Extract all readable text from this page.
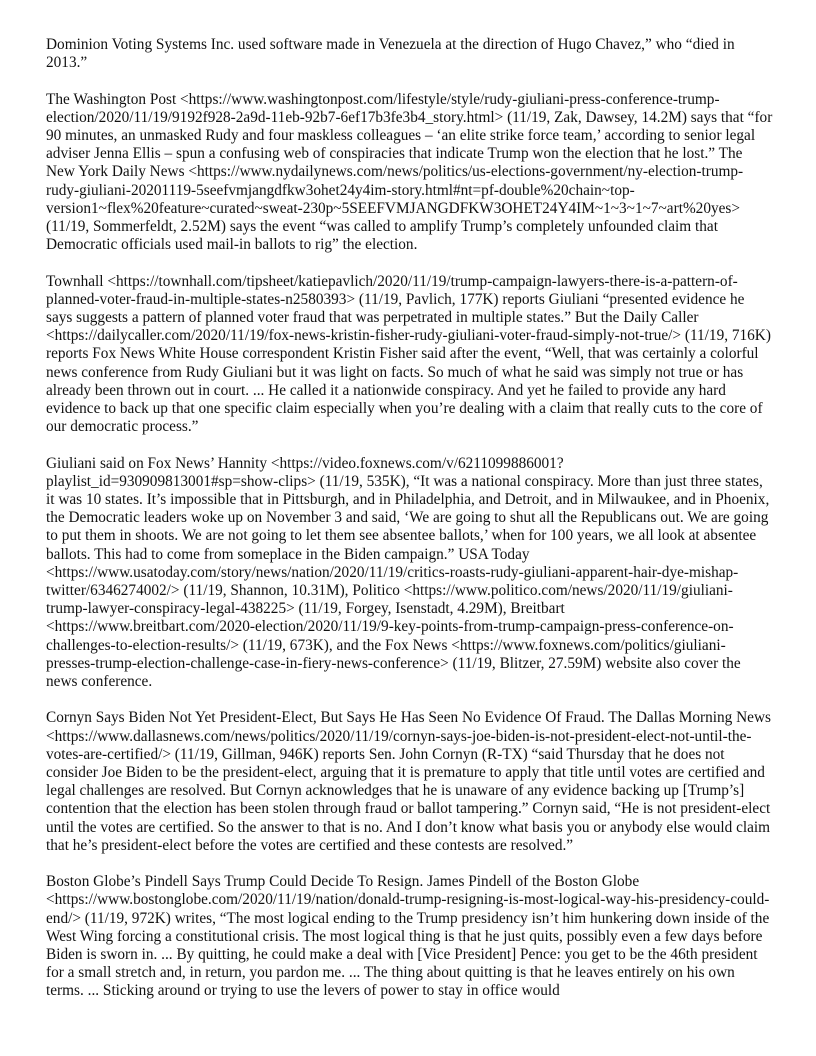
Dominion Voting Systems Inc. used software made in Venezuela at the direction of Hugo Chavez,” who “died in 2013.”

The Washington Post <https://www.washingtonpost.com/lifestyle/style/rudy-giuliani-press-conference-trump-election/2020/11/19/9192f928-2a9d-11eb-92b7-6ef17b3fe3b4_story.html> (11/19, Zak, Dawsey, 14.2M) says that “for 90 minutes, an unmasked Rudy and four maskless colleagues – ‘an elite strike force team,’ according to senior legal adviser Jenna Ellis – spun a confusing web of conspiracies that indicate Trump won the election that he lost.” The New York Daily News <https://www.nydailynews.com/news/politics/us-elections-government/ny-election-trump-rudy-giuliani-20201119-5seefvmjangdfkw3ohet24y4im-story.html#nt=pf-double%20chain~top-version1~flex%20feature~curated~sweat-230p~5SEEFVMJANGDFKW3OHET24Y4IM~1~3~1~7~art%20yes> (11/19, Sommerfeldt, 2.52M) says the event “was called to amplify Trump’s completely unfounded claim that Democratic officials used mail-in ballots to rig” the election.

Townhall <https://townhall.com/tipsheet/katiepavlich/2020/11/19/trump-campaign-lawyers-there-is-a-pattern-of-planned-voter-fraud-in-multiple-states-n2580393> (11/19, Pavlich, 177K) reports Giuliani “presented evidence he says suggests a pattern of planned voter fraud that was perpetrated in multiple states.” But the Daily Caller <https://dailycaller.com/2020/11/19/fox-news-kristin-fisher-rudy-giuliani-voter-fraud-simply-not-true/> (11/19, 716K) reports Fox News White House correspondent Kristin Fisher said after the event, “Well, that was certainly a colorful news conference from Rudy Giuliani but it was light on facts. So much of what he said was simply not true or has already been thrown out in court. ... He called it a nationwide conspiracy. And yet he failed to provide any hard evidence to back up that one specific claim especially when you’re dealing with a claim that really cuts to the core of our democratic process.”

Giuliani said on Fox News’ Hannity <https://video.foxnews.com/v/6211099886001?playlist_id=930909813001#sp=show-clips> (11/19, 535K), “It was a national conspiracy. More than just three states, it was 10 states. It’s impossible that in Pittsburgh, and in Philadelphia, and Detroit, and in Milwaukee, and in Phoenix, the Democratic leaders woke up on November 3 and said, ‘We are going to shut all the Republicans out. We are going to put them in shoots. We are not going to let them see absentee ballots,’ when for 100 years, we all look at absentee ballots. This had to come from someplace in the Biden campaign.” USA Today <https://www.usatoday.com/story/news/nation/2020/11/19/critics-roasts-rudy-giuliani-apparent-hair-dye-mishap-twitter/6346274002/> (11/19, Shannon, 10.31M), Politico <https://www.politico.com/news/2020/11/19/giuliani-trump-lawyer-conspiracy-legal-438225> (11/19, Forgey, Isenstadt, 4.29M), Breitbart <https://www.breitbart.com/2020-election/2020/11/19/9-key-points-from-trump-campaign-press-conference-on-challenges-to-election-results/> (11/19, 673K), and the Fox News <https://www.foxnews.com/politics/giuliani-presses-trump-election-challenge-case-in-fiery-news-conference> (11/19, Blitzer, 27.59M) website also cover the news conference.

Cornyn Says Biden Not Yet President-Elect, But Says He Has Seen No Evidence Of Fraud. The Dallas Morning News <https://www.dallasnews.com/news/politics/2020/11/19/cornyn-says-joe-biden-is-not-president-elect-not-until-the-votes-are-certified/> (11/19, Gillman, 946K) reports Sen. John Cornyn (R-TX) “said Thursday that he does not consider Joe Biden to be the president-elect, arguing that it is premature to apply that title until votes are certified and legal challenges are resolved. But Cornyn acknowledges that he is unaware of any evidence backing up [Trump’s] contention that the election has been stolen through fraud or ballot tampering.” Cornyn said, “He is not president-elect until the votes are certified. So the answer to that is no. And I don’t know what basis you or anybody else would claim that he’s president-elect before the votes are certified and these contests are resolved.”

Boston Globe’s Pindell Says Trump Could Decide To Resign. James Pindell of the Boston Globe <https://www.bostonglobe.com/2020/11/19/nation/donald-trump-resigning-is-most-logical-way-his-presidency-could-end/> (11/19, 972K) writes, “The most logical ending to the Trump presidency isn’t him hunkering down inside of the West Wing forcing a constitutional crisis. The most logical thing is that he just quits, possibly even a few days before Biden is sworn in. ... By quitting, he could make a deal with [Vice President] Pence: you get to be the 46th president for a small stretch and, in return, you pardon me. ... The thing about quitting is that he leaves entirely on his own terms. ... Sticking around or trying to use the levers of power to stay in office would
